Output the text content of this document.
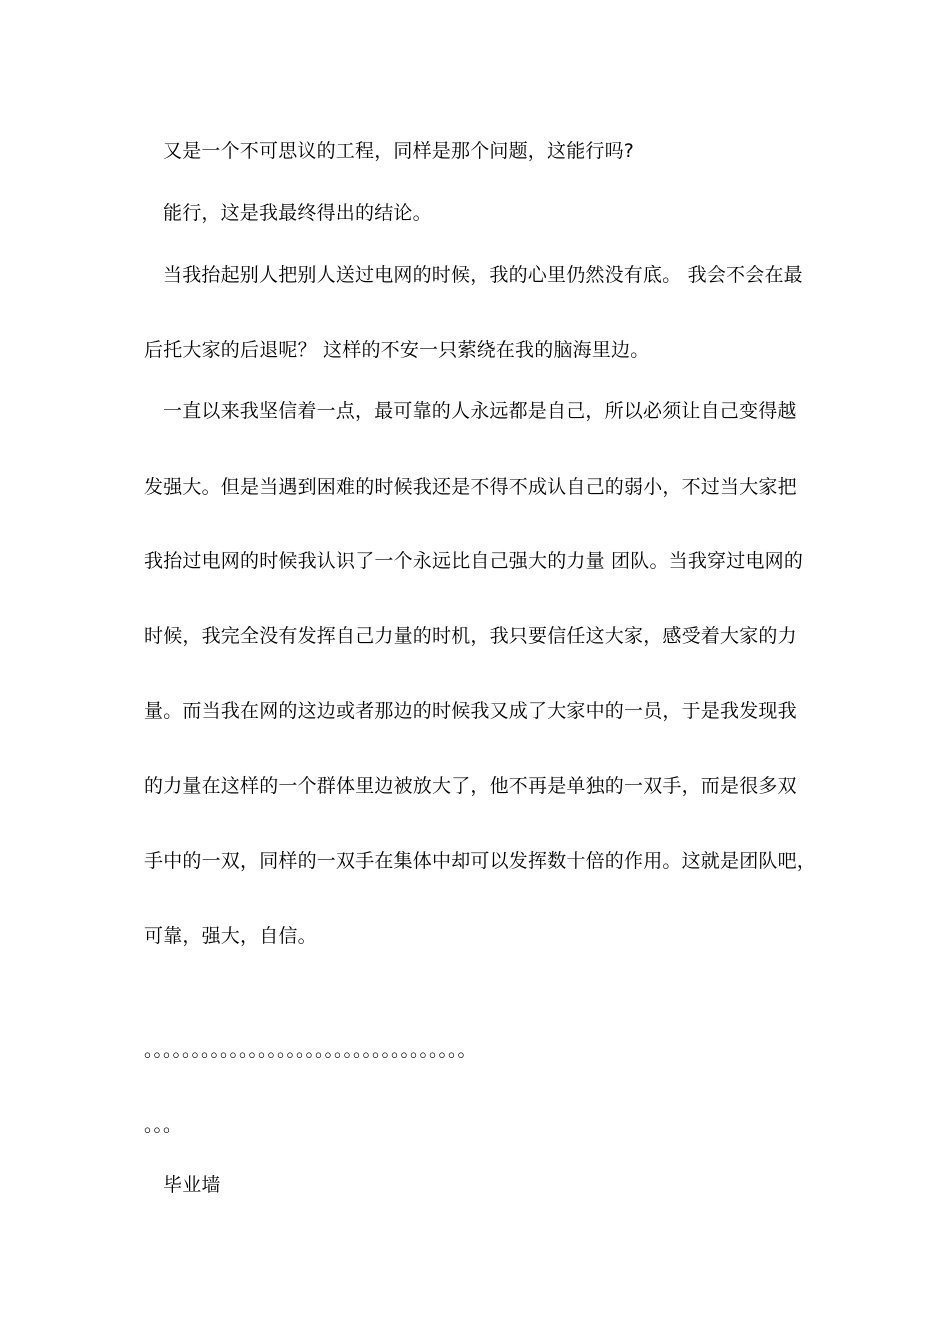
又是一个不可思议的工程，同样是那个问题，这能行吗?
能行，这是我最终得出的结论。
当我抬起别人把别人送过电网的时候，我的心里仍然没有底。 我会不会在最
后托大家的后退呢？ 这样的不安一只萦绕在我的脑海里边。
一直以来我坚信着一点，最可靠的人永远都是自己，所以必须让自己变得越
发强大。但是当遇到困难的时候我还是不得不成认自己的弱小，不过当大家把
我抬过电网的时候我认识了一个永远比自己强大的力量 团队。当我穿过电网的
时候，我完全没有发挥自己力量的时机，我只要信任这大家，感受着大家的力
量。而当我在网的这边或者那边的时候我又成了大家中的一员，于是我发现我
的力量在这样的一个群体里边被放大了，他不再是单独的一双手，而是很多双
手中的一双，同样的一双手在集体中却可以发挥数十倍的作用。这就是团队吧，
可靠，强大，自信。
。。。。。。。。。。。。。。。。。。。。。。。。。。。。。。。。。。
。。。
毕业墙
